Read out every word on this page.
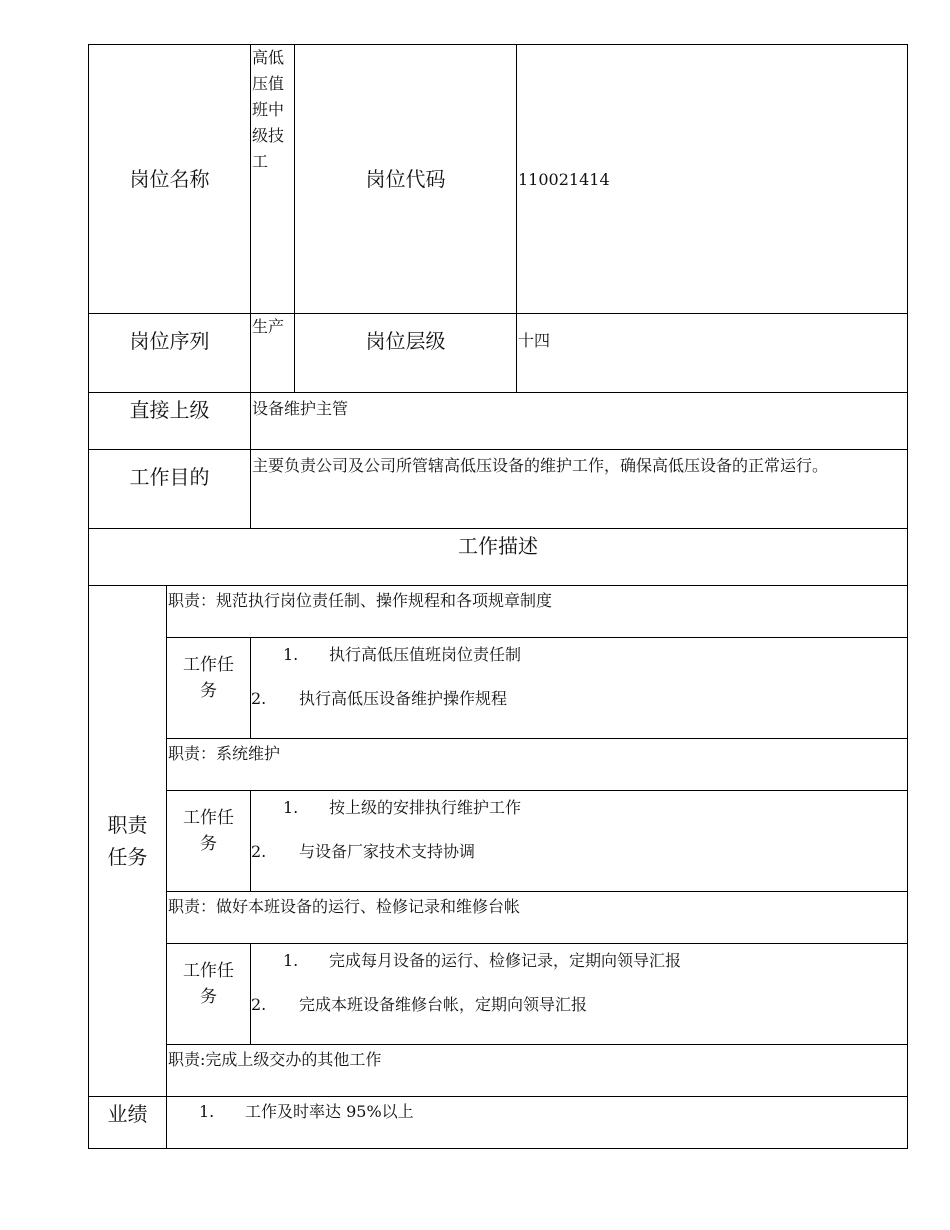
岗位名称		高低压值班中级技工	岗位代码	110021414
岗位序列		生产	岗位层级	十四
直接上级		设备维护主管		
工作目的		主要负责公司及公司所管辖高低压设备的维护工作，确保高低压设备的正常运行。		
工作描述				

职责任务	职责：规范执行岗位责任制、操作规程和各项规章制度			

	工作任务	1. 执行高低压值班岗位责任制
2. 执行高低压设备维护操作规程		

	职责：系统维护			

	工作任务	1. 按上级的安排执行维护工作
2. 与设备厂家技术支持协调		

	职责：做好本班设备的运行、检修记录和维修台帐			

	工作任务	1. 完成每月设备的运行、检修记录，定期向领导汇报
2. 完成本班设备维修台帐，定期向领导汇报		

	职责:完成上级交办的其他工作			
业绩	1. 工作及时率达 95%以上			
